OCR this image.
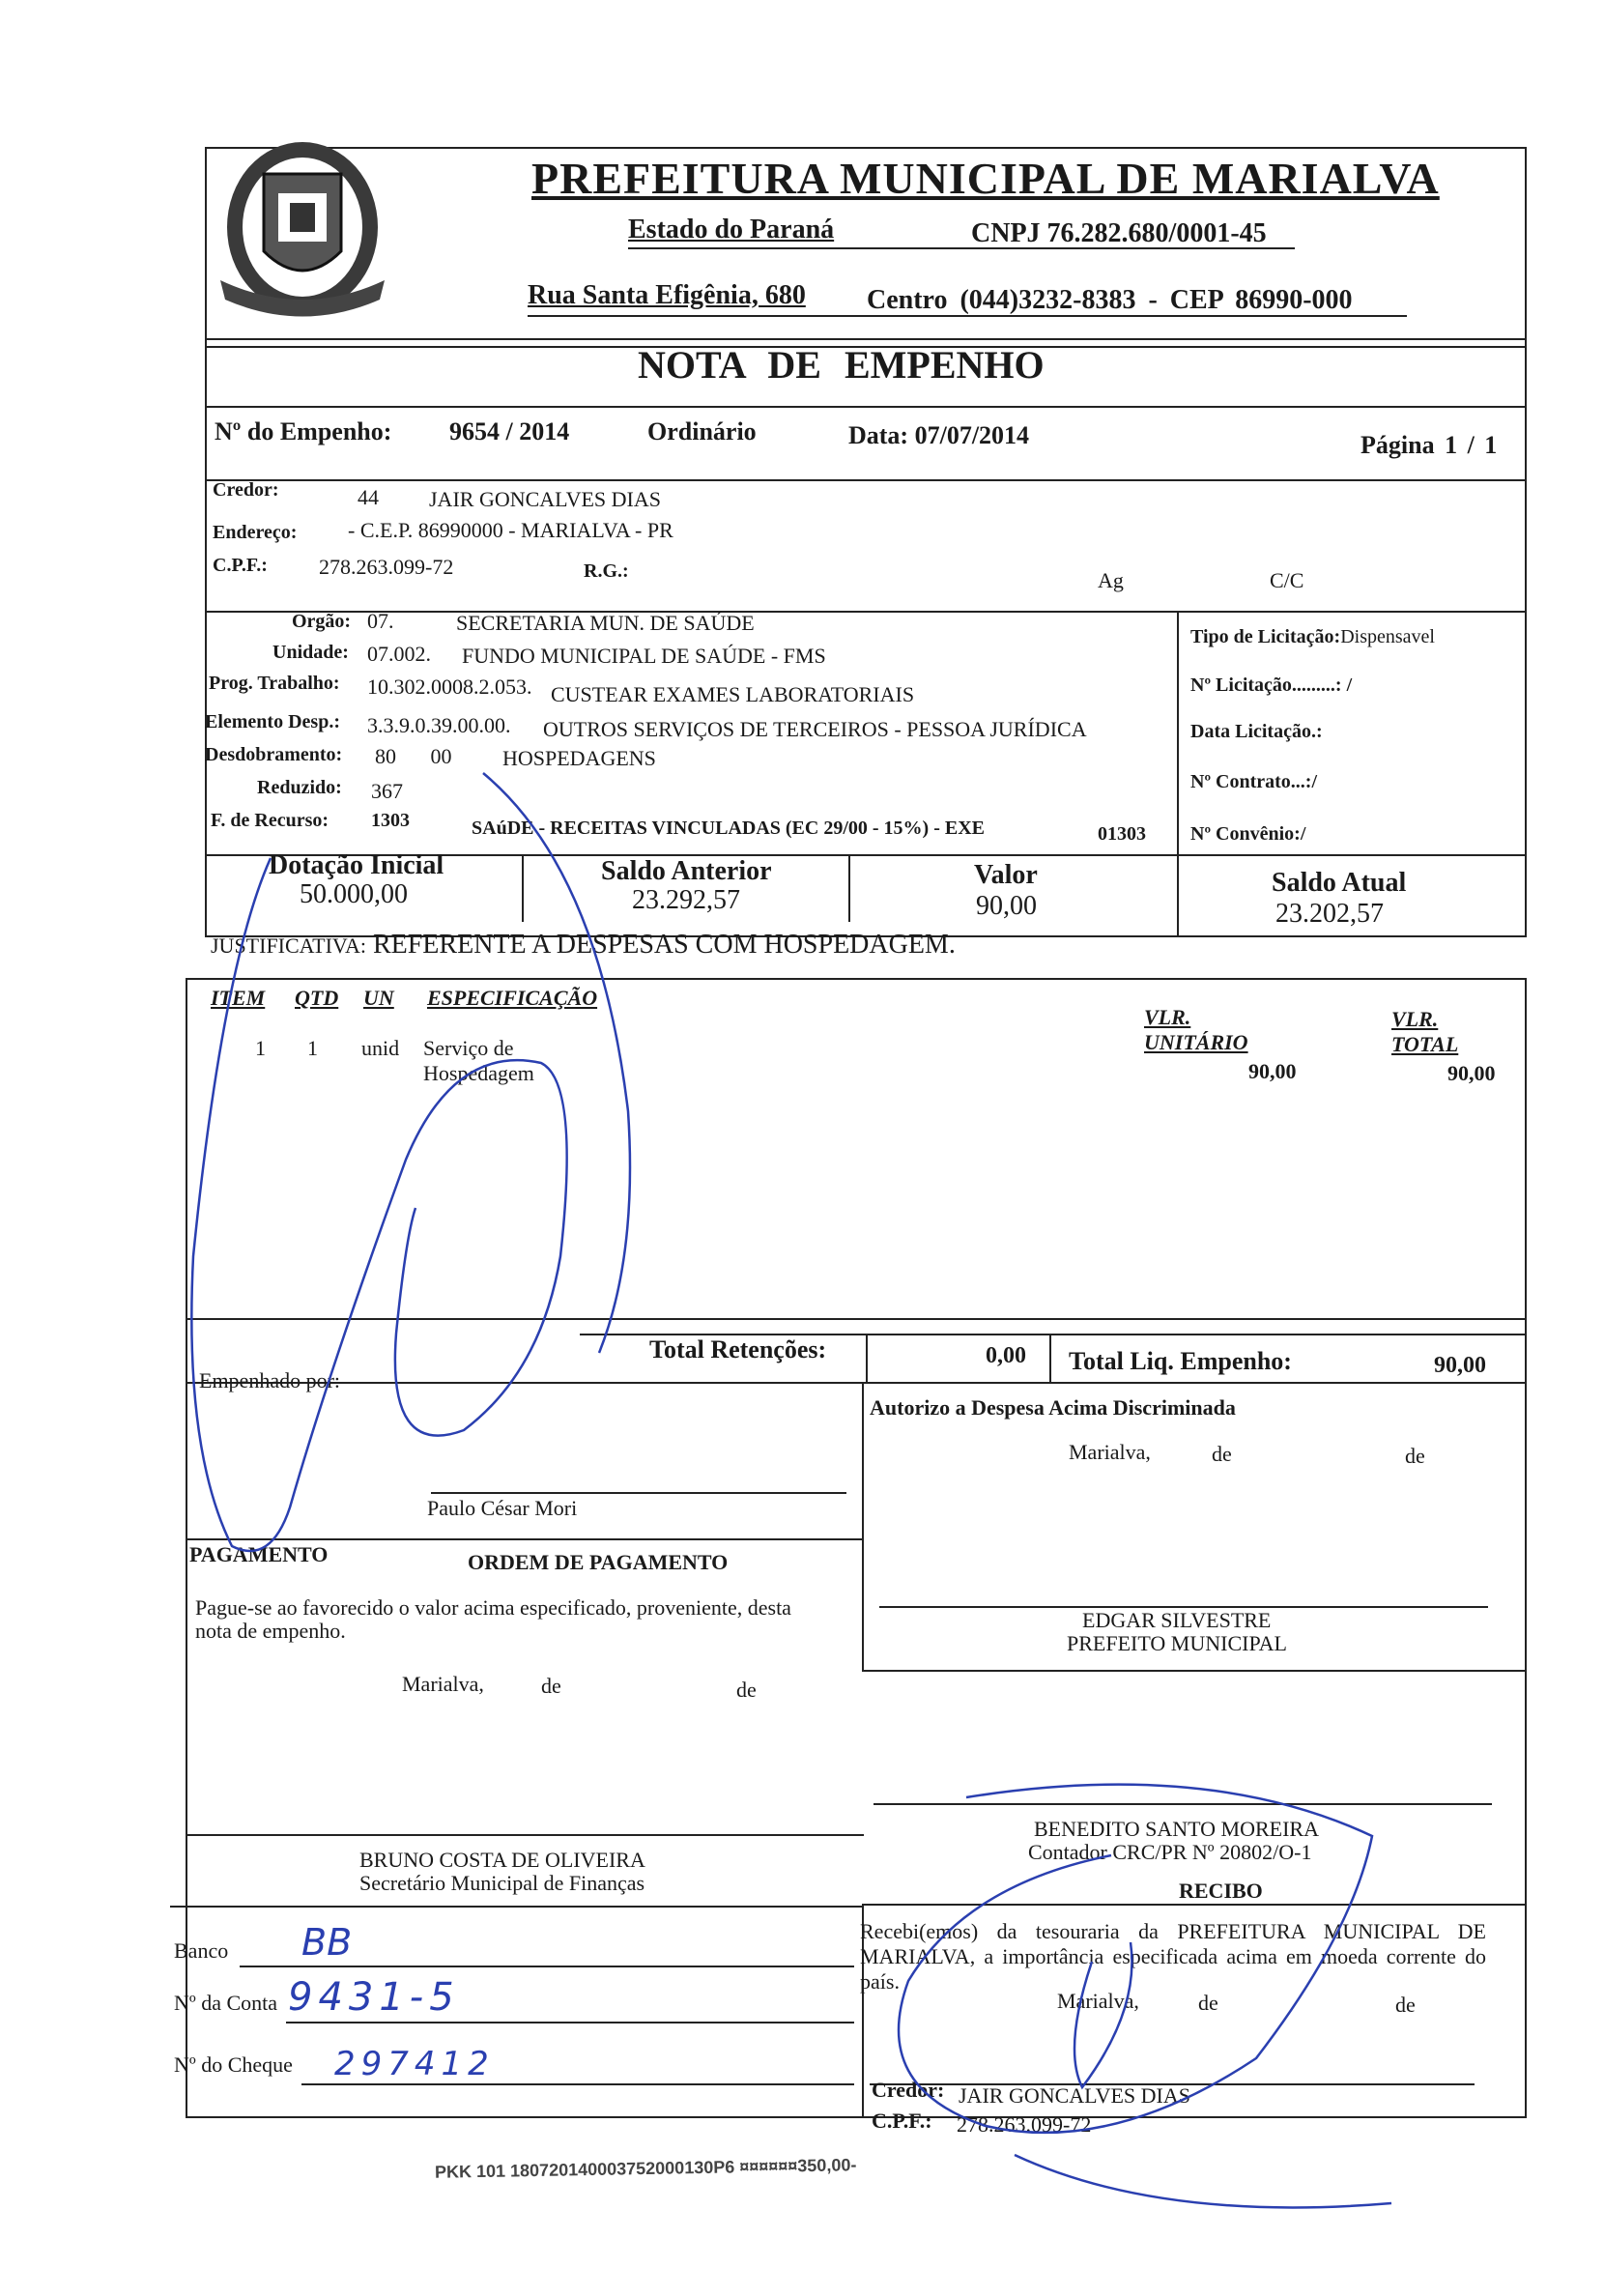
PREFEITURA MUNICIPAL DE MARIALVA
Estado do Paraná	CNPJ 76.282.680/0001-45
Rua Santa Efigênia, 680 Centro (044)3232-8383 - CEP 86990-000
NOTA DE EMPENHO
Nº do Empenho: 9654 / 2014	Ordinário	Data: 07/07/2014	Página 1 / 1
Credor:	44 JAIR GONCALVES DIAS
Endereço: - C.E.P. 86990000 - MARIALVA - PR
C.P.F.: 278.263.099-72	R.G.:	Ag	C/C
Orgão: 07.	SECRETARIA MUN. DE SAÚDE
Unidade: 07.002. FUNDO MUNICIPAL DE SAÚDE - FMS
Prog. Trabalho: 10.302.0008.2.053. CUSTEAR EXAMES LABORATORIAIS
Elemento Desp.: 3.3.9.0.39.00.00. OUTROS SERVIÇOS DE TERCEIROS - PESSOA JURÍDICA
Desdobramento: 80 00 HOSPEDAGENS
Reduzido: 367
F. de Recurso: 1303	SAúDE - RECEITAS VINCULADAS (EC 29/00 - 15%) - EXE	01303
Tipo de Licitação:Dispensavel
Nº Licitação.........: /
Data Licitação.:
Nº Contrato...:/
Nº Convênio:/
Dotação Inicial
50.000,00
Saldo Anterior
23.292,57
Valor
90,00
Saldo Atual
23.202,57
JUSTIFICATIVA: REFERENTE A DESPESAS COM HOSPEDAGEM.
ITEM QTD UN ESPECIFICAÇÃO
VLR. UNITÁRIO
VLR. TOTAL
1 1 unid Serviço de Hospedagem	90,00	90,00
Total Retenções:	0,00 Total Liq. Empenho:	90,00
Empenhado por:
Paulo César Mori
Autorizo a Despesa Acima Discriminada
Marialva,	de	de
EDGAR SILVESTRE
PREFEITO MUNICIPAL
PAGAMENTO	ORDEM DE PAGAMENTO
Pague-se ao favorecido o valor acima especificado, proveniente, desta nota de empenho.
Marialva,	de	de
BRUNO COSTA DE OLIVEIRA
Secretário Municipal de Finanças
BENEDITO SANTO MOREIRA
Contador CRC/PR Nº 20802/O-1
Banco BB
Nº da Conta 9431-5
Nº do Cheque 297412
RECIBO
Recebi(emos) da tesouraria da PREFEITURA MUNICIPAL DE MARIALVA, a importância especificada acima em moeda corrente do país.
Marialva,	de	de
Credor: JAIR GONCALVES DIAS
C.P.F.: 278.263.099-72
PKK 101 180720140003752000130P6 ¤¤¤¤¤¤350,00-
